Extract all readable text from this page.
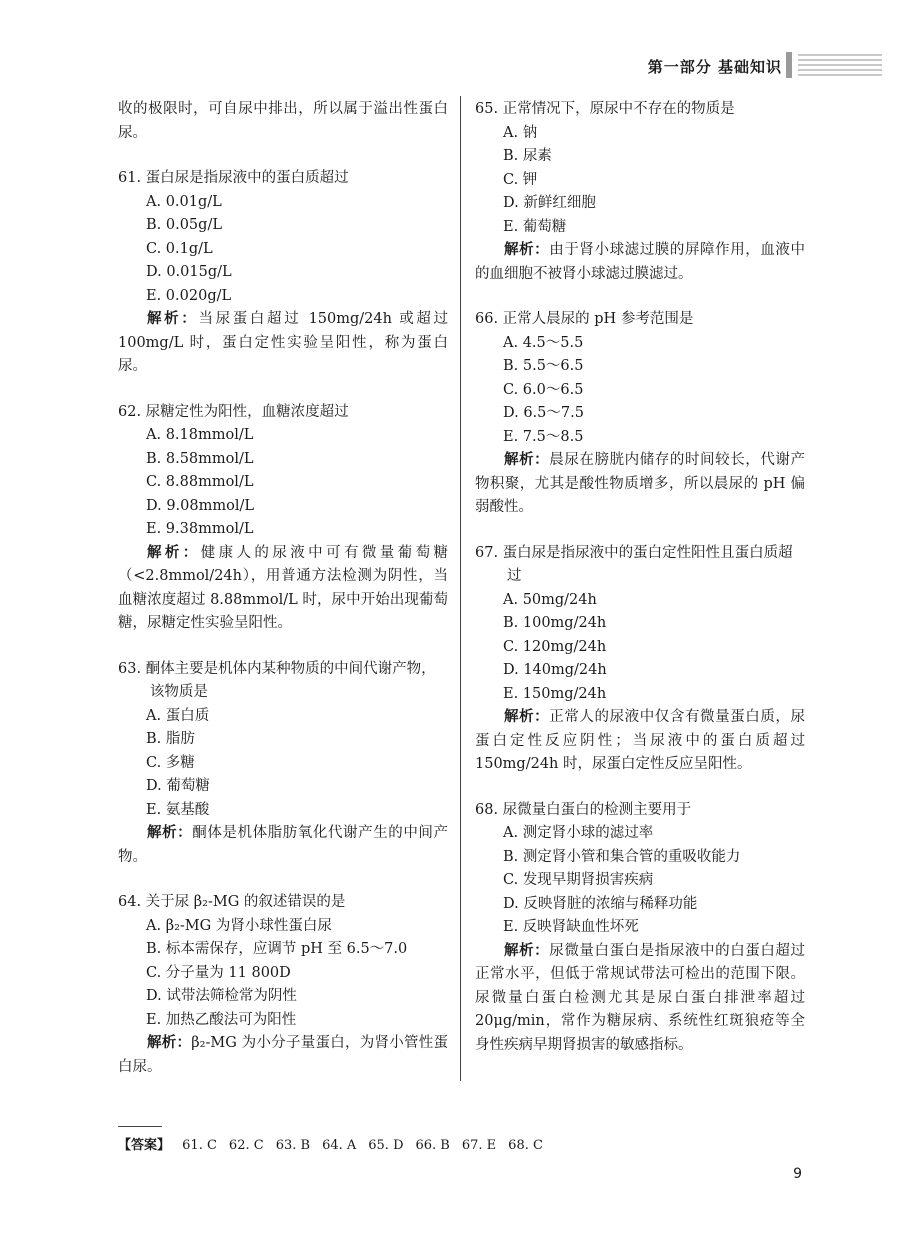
第一部分 基础知识

收的极限时，可自尿中排出，所以属于溢出性蛋白尿。

61. 蛋白尿是指尿液中的蛋白质超过
A. 0.01g/L
B. 0.05g/L
C. 0.1g/L
D. 0.015g/L
E. 0.020g/L

解析：当尿蛋白超过 150mg/24h 或超过 100mg/L 时，蛋白定性实验呈阳性，称为蛋白尿。

62. 尿糖定性为阳性，血糖浓度超过
A. 8.18mmol/L
B. 8.58mmol/L
C. 8.88mmol/L
D. 9.08mmol/L
E. 9.38mmol/L

解析：健康人的尿液中可有微量葡萄糖（<2.8mmol/24h），用普通方法检测为阴性，当血糖浓度超过 8.88mmol/L 时，尿中开始出现葡萄糖，尿糖定性实验呈阳性。

63. 酮体主要是机体内某种物质的中间代谢产物，该物质是
A. 蛋白质
B. 脂肪
C. 多糖
D. 葡萄糖
E. 氨基酸

解析：酮体是机体脂肪氧化代谢产生的中间产物。

64. 关于尿 β₂-MG 的叙述错误的是
A. β₂-MG 为肾小球性蛋白尿
B. 标本需保存，应调节 pH 至 6.5～7.0
C. 分子量为 11 800D
D. 试带法筛检常为阴性
E. 加热乙酸法可为阳性

解析：β₂-MG 为小分子量蛋白，为肾小管性蛋白尿。

65. 正常情况下，原尿中不存在的物质是
A. 钠
B. 尿素
C. 钾
D. 新鲜红细胞
E. 葡萄糖

解析：由于肾小球滤过膜的屏障作用，血液中的血细胞不被肾小球滤过膜滤过。

66. 正常人晨尿的 pH 参考范围是
A. 4.5～5.5
B. 5.5～6.5
C. 6.0～6.5
D. 6.5～7.5
E. 7.5～8.5

解析：晨尿在膀胱内储存的时间较长，代谢产物积聚，尤其是酸性物质增多，所以晨尿的 pH 偏弱酸性。

67. 蛋白尿是指尿液中的蛋白定性阳性且蛋白质超过
A. 50mg/24h
B. 100mg/24h
C. 120mg/24h
D. 140mg/24h
E. 150mg/24h

解析：正常人的尿液中仅含有微量蛋白质，尿蛋白定性反应阴性；当尿液中的蛋白质超过 150mg/24h 时，尿蛋白定性反应呈阳性。

68. 尿微量白蛋白的检测主要用于
A. 测定肾小球的滤过率
B. 测定肾小管和集合管的重吸收能力
C. 发现早期肾损害疾病
D. 反映肾脏的浓缩与稀释功能
E. 反映肾缺血性坏死

解析：尿微量白蛋白是指尿液中的白蛋白超过正常水平，但低于常规试带法可检出的范围下限。尿微量白蛋白检测尤其是尿白蛋白排泄率超过 20μg/min，常作为糖尿病、系统性红斑狼疮等全身性疾病早期肾损害的敏感指标。

【答案】 61. C 62. C 63. B 64. A 65. D 66. B 67. E 68. C
9
